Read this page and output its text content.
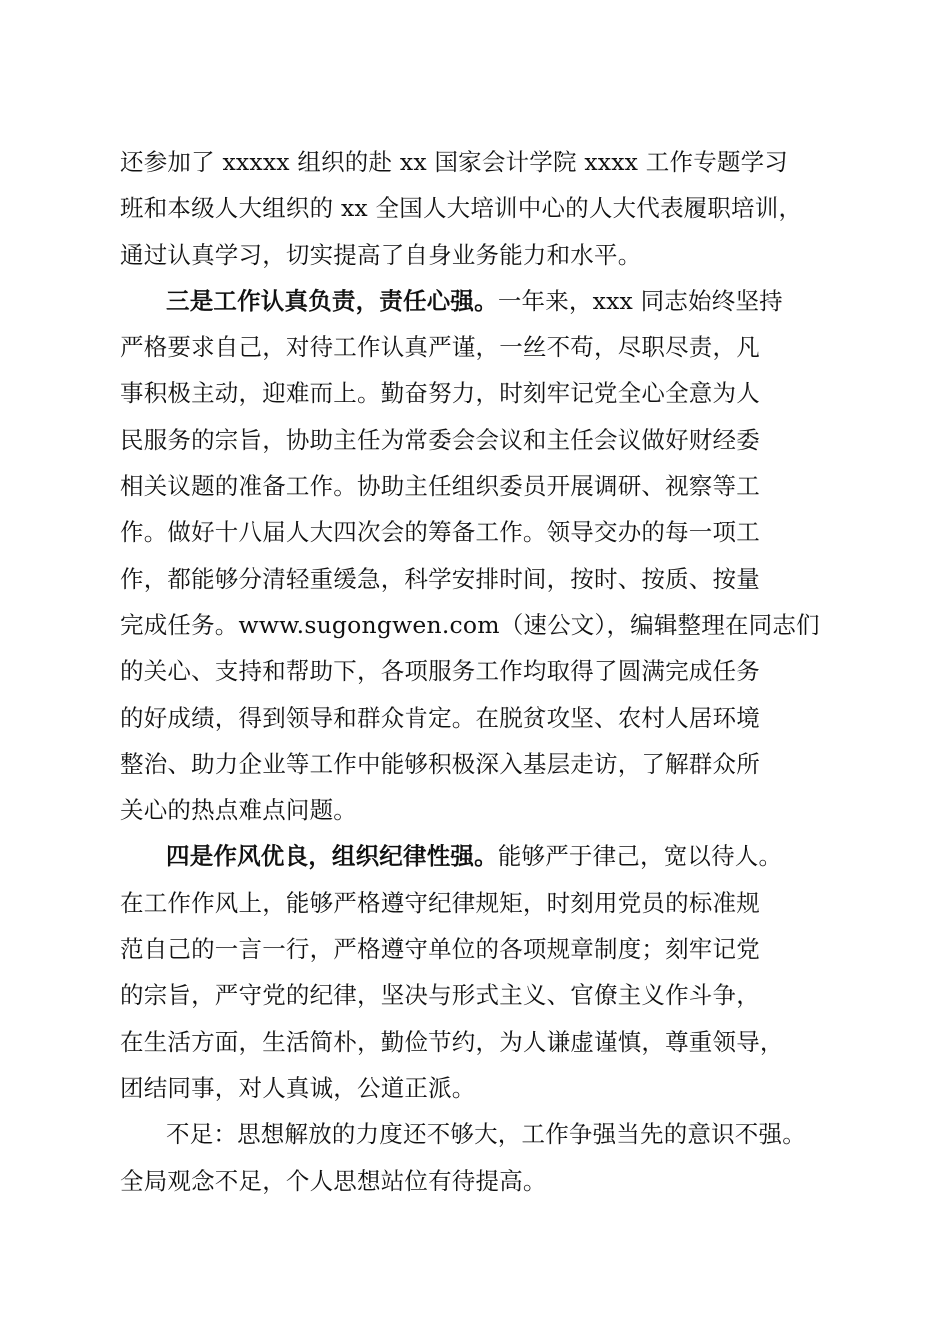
还参加了 xxxxx 组织的赴 xx 国家会计学院 xxxx 工作专题学习
班和本级人大组织的 xx 全国人大培训中心的人大代表履职培训，
通过认真学习，切实提高了自身业务能力和水平。
三是工作认真负责，责任心强。一年来，xxx 同志始终坚持
严格要求自己，对待工作认真严谨，一丝不苟，尽职尽责，凡
事积极主动，迎难而上。勤奋努力，时刻牢记党全心全意为人
民服务的宗旨，协助主任为常委会会议和主任会议做好财经委
相关议题的准备工作。协助主任组织委员开展调研、视察等工
作。做好十八届人大四次会的筹备工作。领导交办的每一项工
作，都能够分清轻重缓急，科学安排时间，按时、按质、按量
完成任务。www.sugongwen.com（速公文），编辑整理在同志们
的关心、支持和帮助下，各项服务工作均取得了圆满完成任务
的好成绩，得到领导和群众肯定。在脱贫攻坚、农村人居环境
整治、助力企业等工作中能够积极深入基层走访，了解群众所
关心的热点难点问题。
四是作风优良，组织纪律性强。能够严于律己，宽以待人。
在工作作风上，能够严格遵守纪律规矩，时刻用党员的标准规
范自己的一言一行，严格遵守单位的各项规章制度；刻牢记党
的宗旨，严守党的纪律，坚决与形式主义、官僚主义作斗争，
在生活方面，生活简朴，勤俭节约，为人谦虚谨慎，尊重领导，
团结同事，对人真诚，公道正派。
不足：思想解放的力度还不够大，工作争强当先的意识不强。
全局观念不足，个人思想站位有待提高。
